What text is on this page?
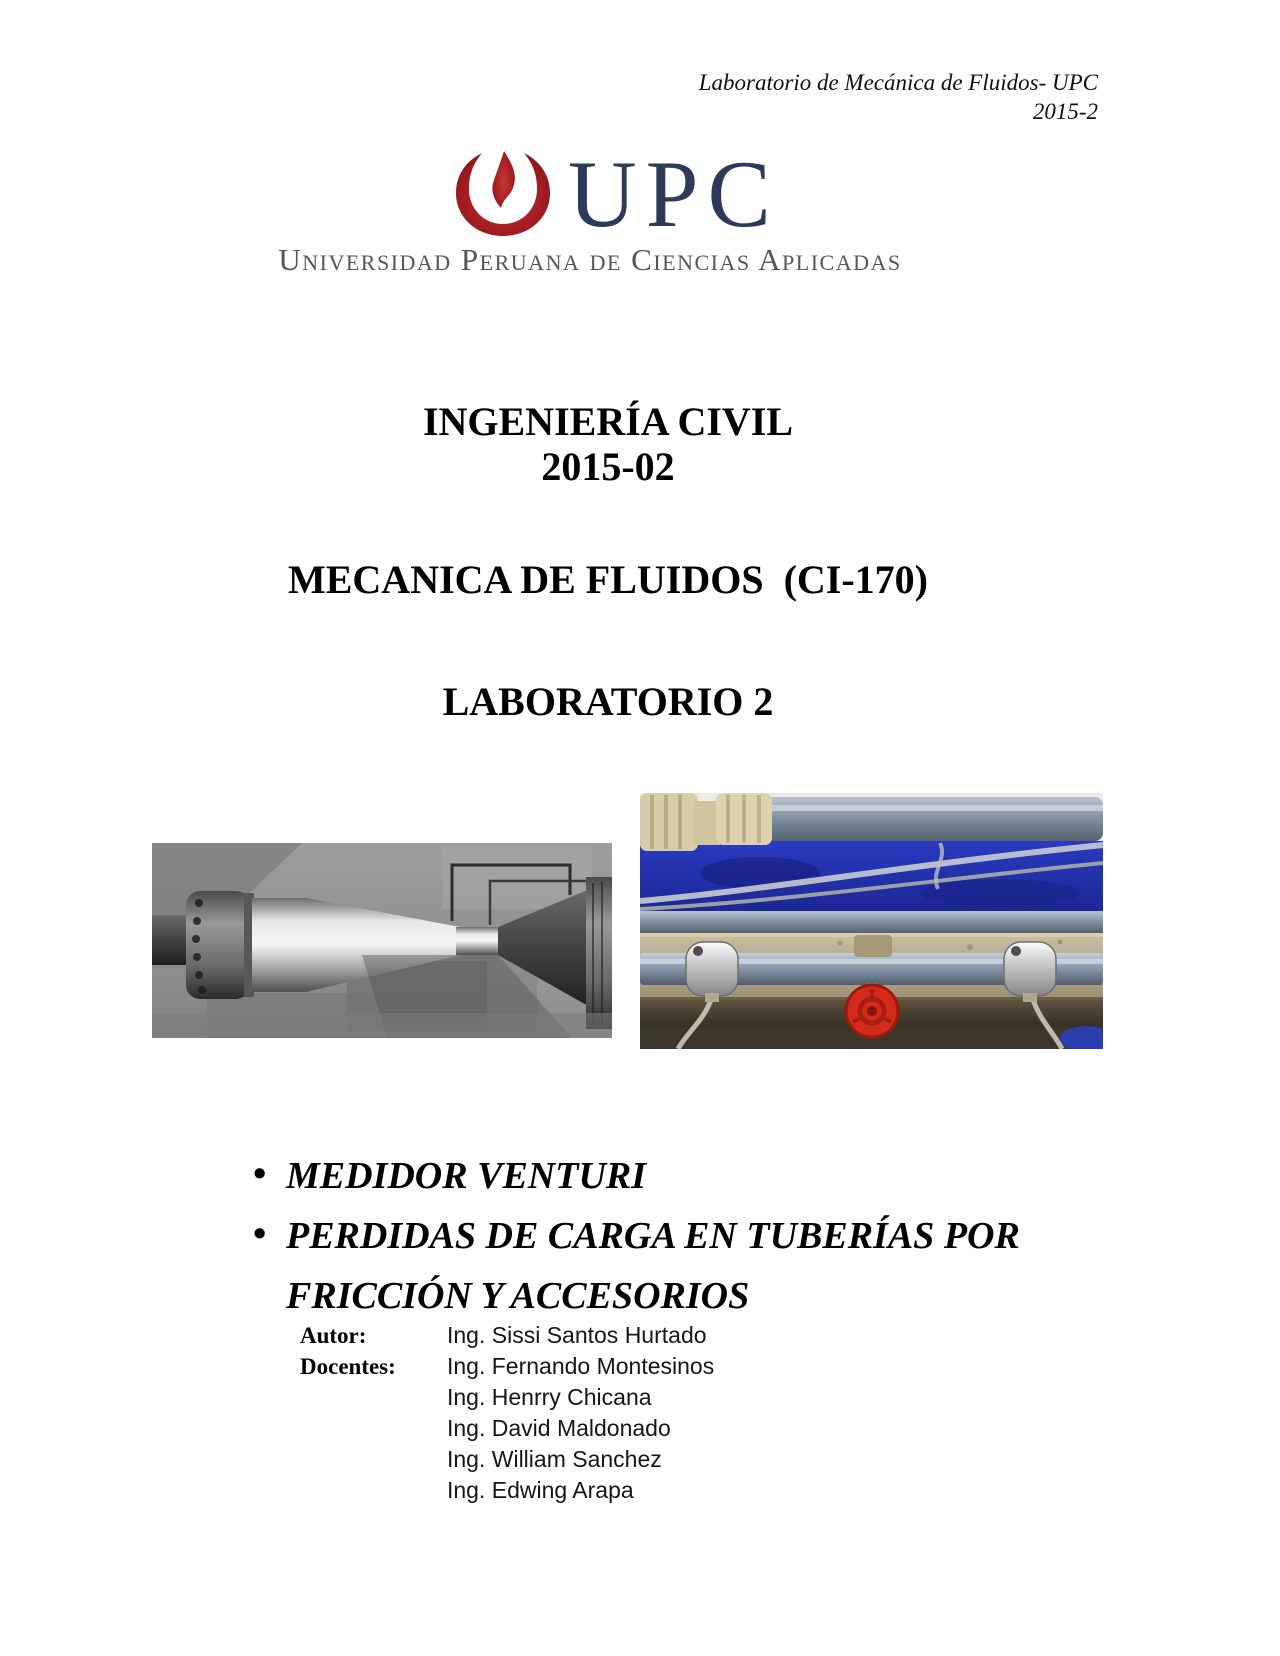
Laboratorio de Mecánica de Fluidos- UPC
2015-2
UPC
Universidad Peruana de Ciencias Aplicadas
INGENIERÍA CIVIL
2015-02
MECANICA DE FLUIDOS  (CI-170)
LABORATORIO 2
• MEDIDOR VENTURI
• PERDIDAS DE CARGA EN TUBERÍAS POR FRICCIÓN Y ACCESORIOS
Autor:
Docentes:
Ing. Sissi Santos Hurtado
Ing. Fernando Montesinos
Ing. Henrry Chicana
Ing. David Maldonado
Ing. William Sanchez
Ing. Edwing Arapa
